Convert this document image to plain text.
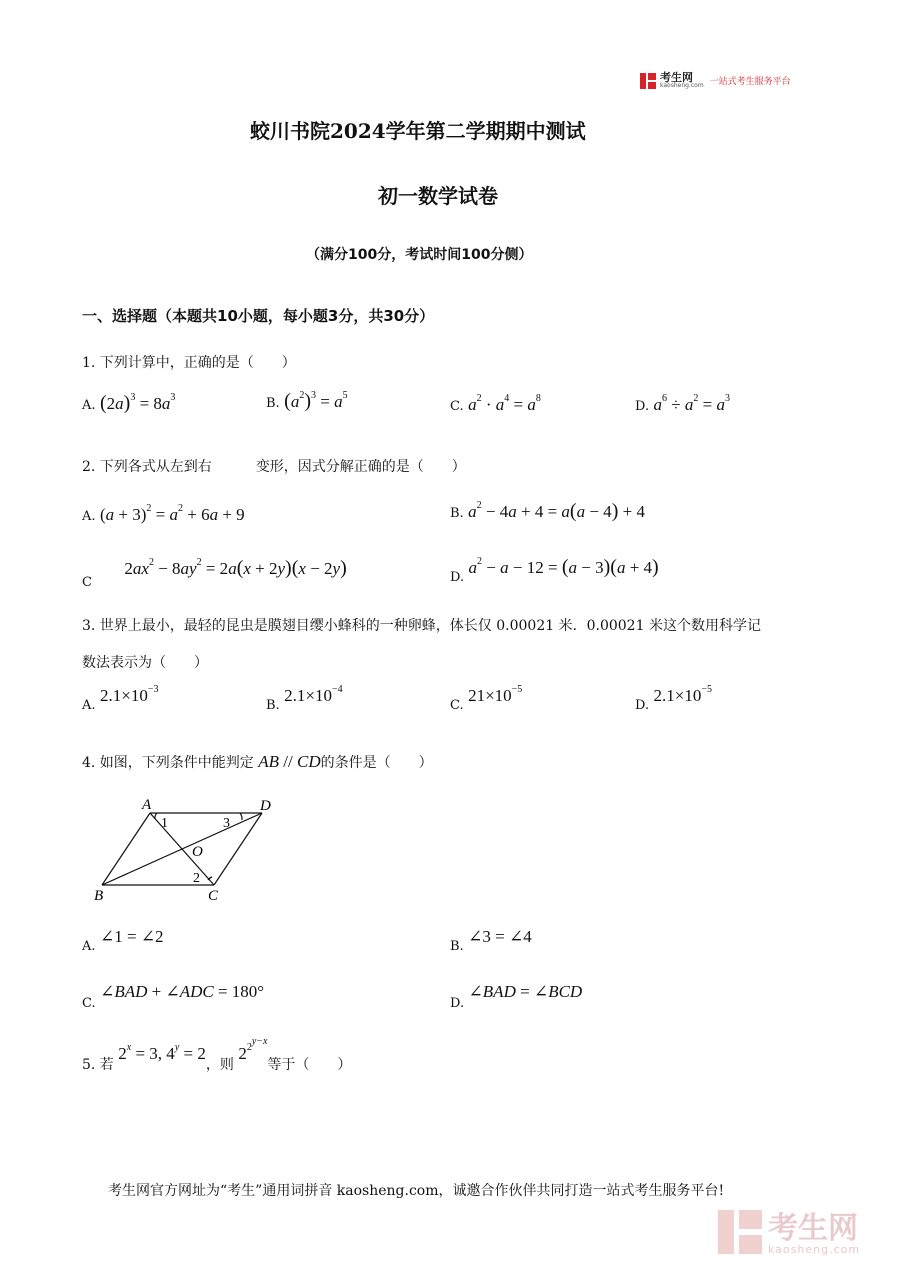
考生网
kaosheng.com 一站式考生服务平台
蛟川书院2024学年第二学期期中测试
初一数学试卷
（满分100分，考试时间100分侧）
一、选择题（本题共10小题，每小题3分，共30分）
1. 下列计算中，正确的是（　　）
A. $(2a)^3 = 8a^3$	B. $(a^2)^3 = a^5$
C. $a^2 \cdot a^4 = a^8$
D. $a^6 \div a^2 = a^3$
2. 下列各式从左到右	变形，因式分解正确的是（　　）
A. $(a + 3)^2 = a^2 + 6a + 9$	B. $a^2 - 4a + 4 = a(a - 4) + 4$
C $2ax^2 - 8ay^2 = 2a(x + 2y)(x - 2y)$	D. $a^2 - a - 12 = (a - 3)(a + 4)$
3. 世界上最小，最轻的昆虫是膜翅目缨小蜂科的一种卵蜂，体长仅 0.00021 米．0.00021 米这个数用科学记
数法表示为（　　）
A. $2.1\times 10^{-3}$
B. $2.1\times 10^{-4}$
C. $21\times 10^{-5}$
D. $2.1\times 10^{-5}$
4. 如图，下列条件中能判定 AB // CD的条件是（　　）
A	D
B	C
O
1	3
2
A. ∠1 = ∠2
B. ∠3 = ∠4
C. ∠BAD + ∠ADC = 180°
D. ∠BAD = ∠BCD
5. 若 $2^x = 3$, $4^y = 2$，则 $2^{2^{y-x}}$等于（　　）
考生网官方网址为“考生”通用词拼音 kaosheng.com，诚邀合作伙伴共同打造一站式考生服务平台!
考生网
kaosheng.com
